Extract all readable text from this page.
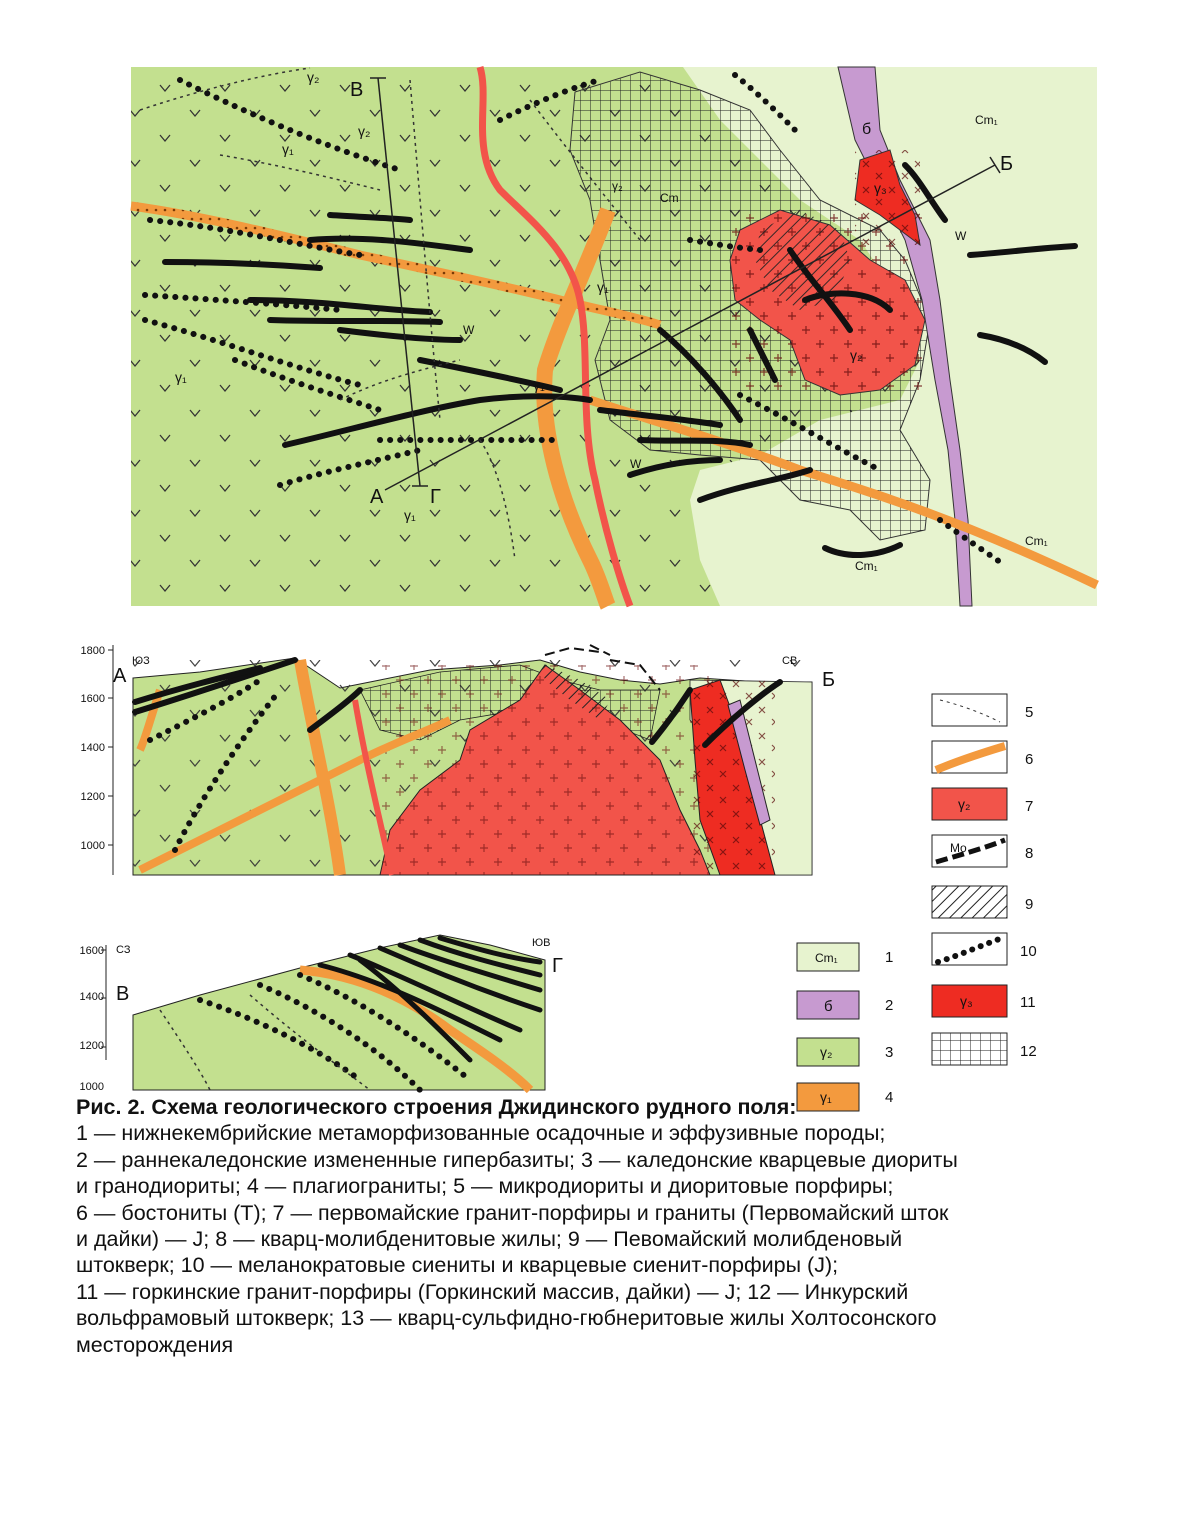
В
Б
А Г
Cm₁
Cm₁
Cm₁
Cm
б
γ₃
γ₂
γ₂
γ₂
γ₂
γ₁
γ₁
γ₁
γ₁
γ₁
W
W
W
1800
1600
1400
1200
1000
А	Б
ЮЗ	СВ
1600
1400
1200
1000
В
Г
СЗ
ЮВ
Cm₁	1
б	2
γ₂	3
γ₁	4
5
6
γ₂	7
Mo	8
9
10
γ₃	11
12
Рис. 2. Схема геологического строения Джидинского рудного поля:
1 — нижнекембрийские метаморфизованные осадочные и эффузивные породы;
2 — раннекаледонские измененные гипербазиты; 3 — каледонские кварцевые диориты
и гранодиориты; 4 — плагиограниты; 5 — микродиориты и диоритовые порфиры;
6 — бостониты (Т); 7 — первомайские гранит-порфиры и граниты (Первомайский шток
и дайки) — J; 8 — кварц-молибденитовые жилы; 9 — Певомайский молибденовый
штокверк; 10 — меланократовые сиениты и кварцевые сиенит-порфиры (J);
11 — горкинские гранит-порфиры (Горкинский массив, дайки) — J; 12 — Инкурский
вольфрамовый штокверк; 13 — кварц-сульфидно-гюбнеритовые жилы Холтосонского
месторождения
